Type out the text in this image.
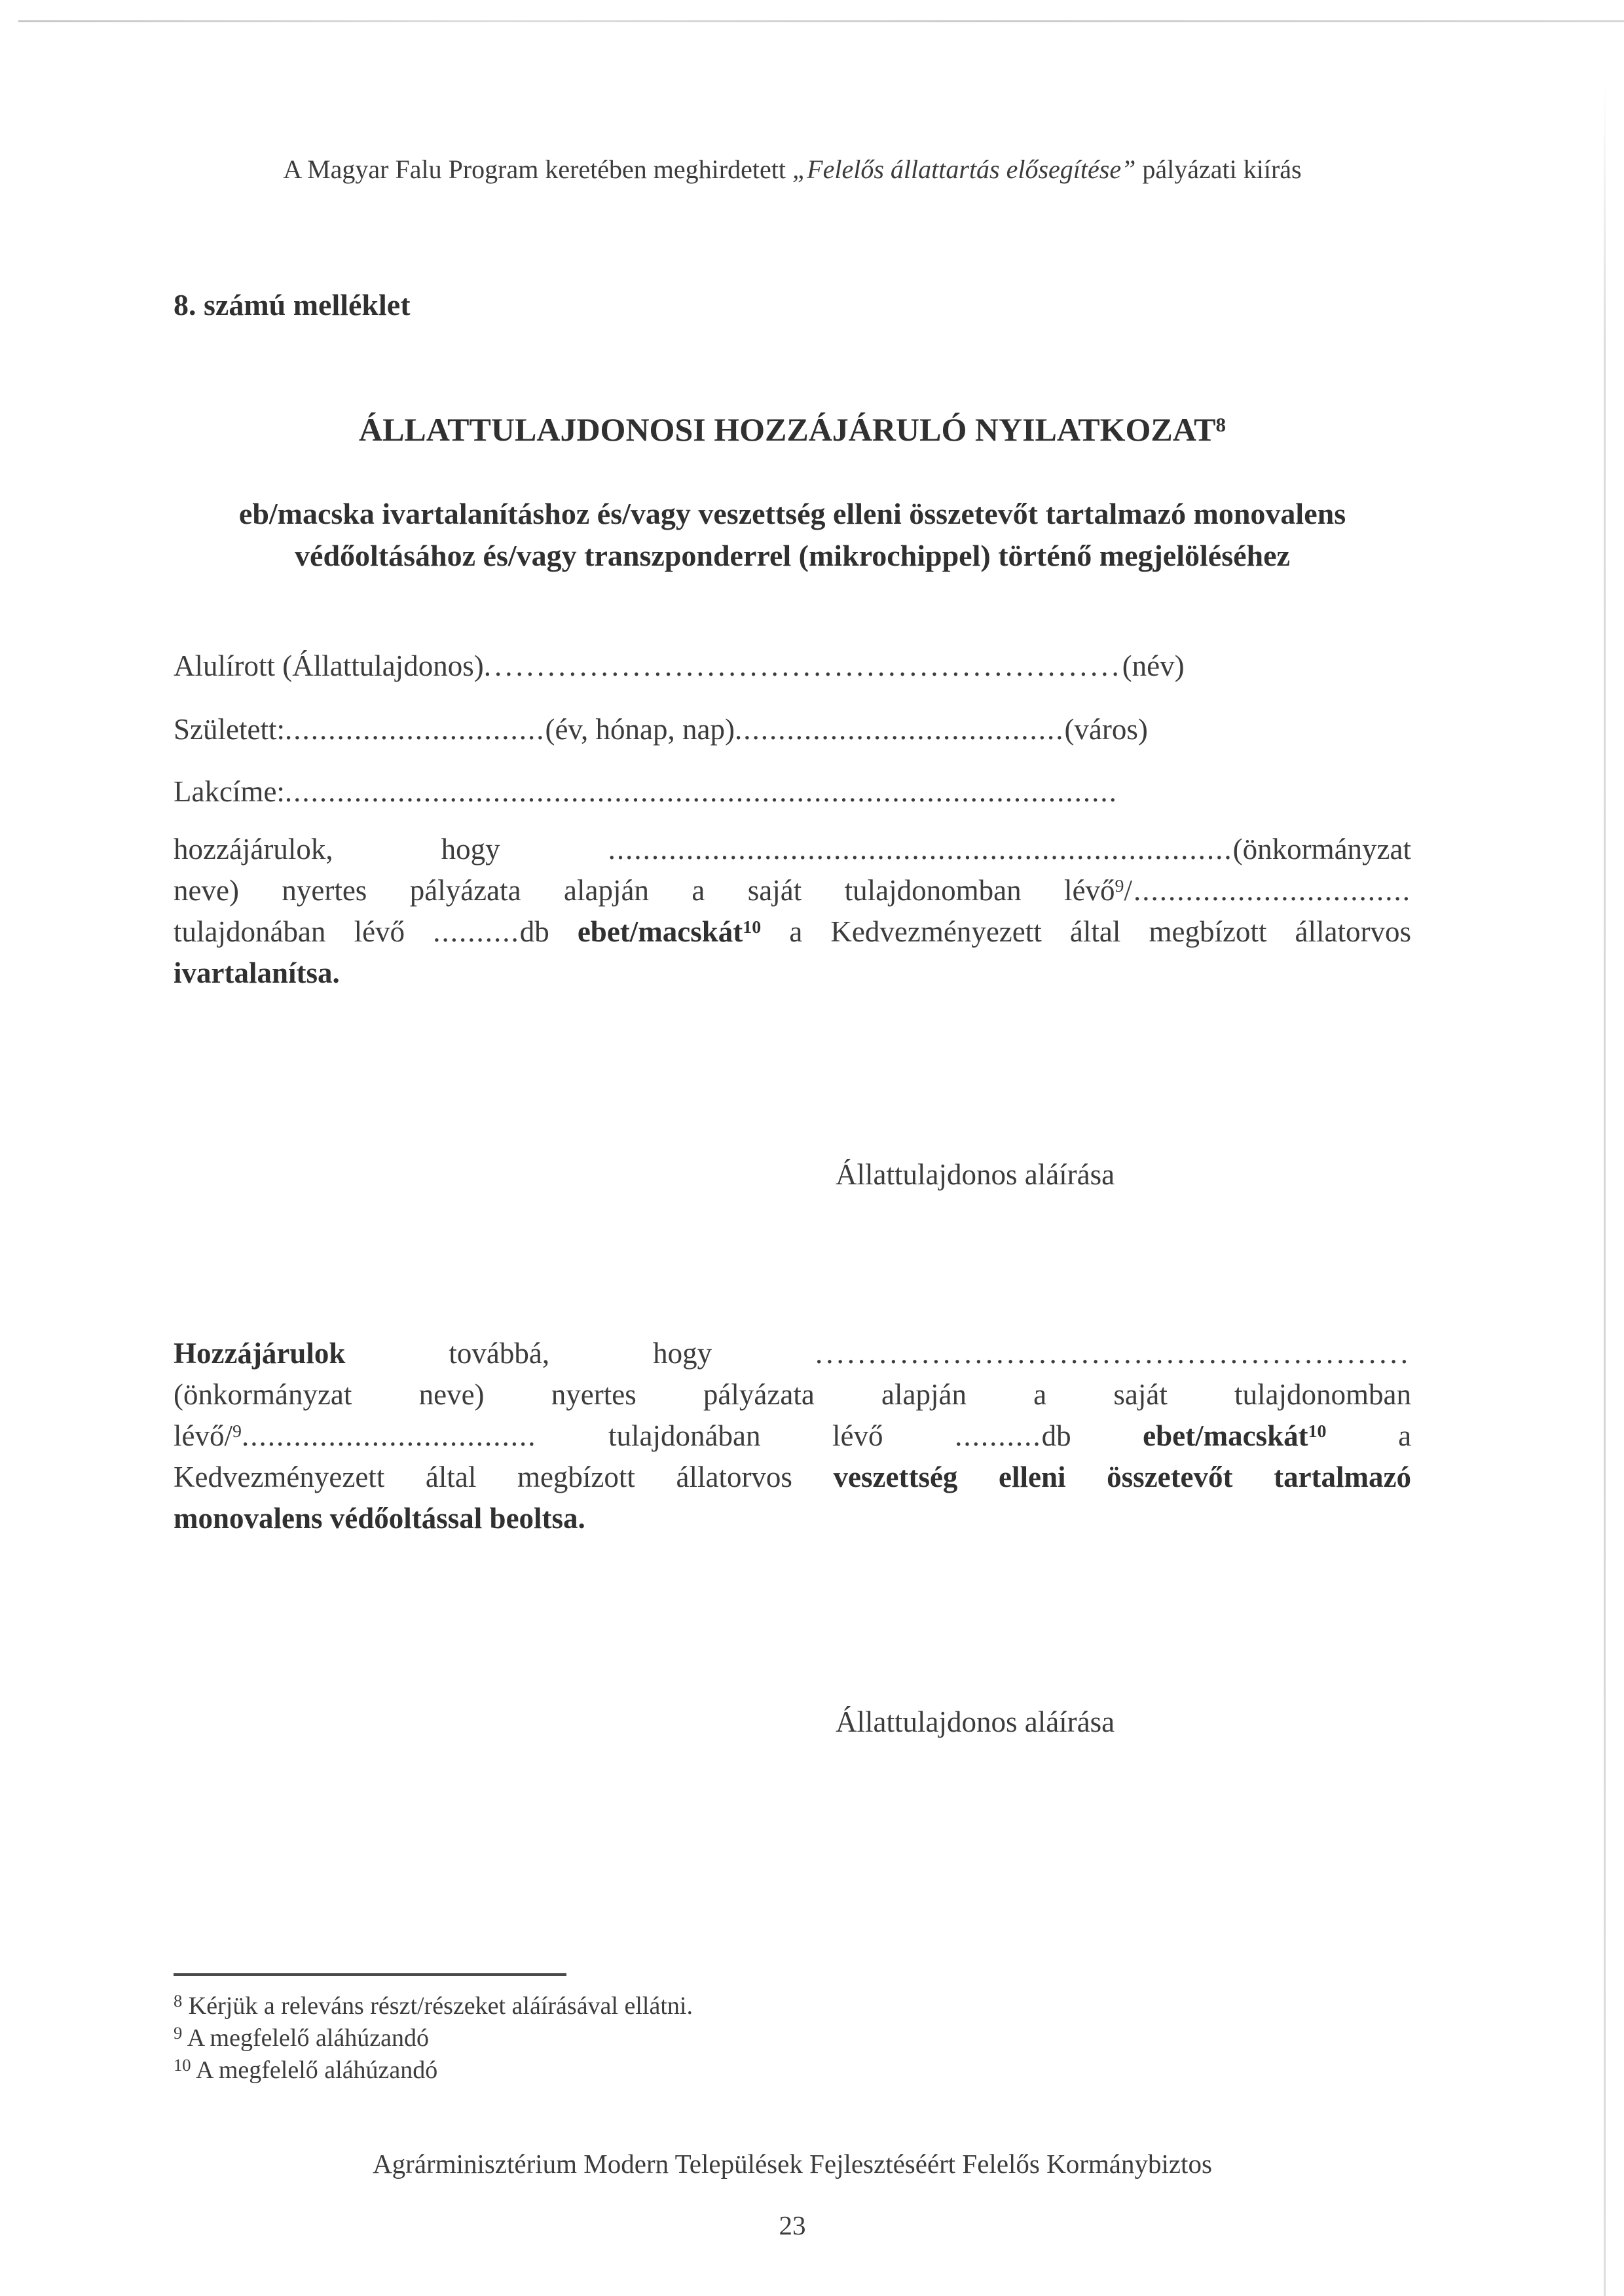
A Magyar Falu Program keretében meghirdetett „Felelős állattartás elősegítése” pályázati kiírás
8. számú melléklet
ÁLLATTULAJDONOSI HOZZÁJÁRULÓ NYILATKOZAT$^8$
eb/macska ivartalanításhoz és/vagy veszettség elleni összetevőt tartalmazó monovalens
védőoltásához és/vagy transzponderrel (mikrochippel) történő megjelöléséhez
Alulírott (Állattulajdonos)............................................................(név)
Született:..............................(év, hónap, nap)......................................(város)
Lakcíme:................................................................................................
hozzájárulok, hogy	........................................................................(önkormányzat
neve) nyertes pályázata alapján a saját tulajdonomban lévő$^9$/................................
tulajdonában lévő ..........db ebet/macskát$^{10}$ a Kedvezményezett által megbízott állatorvos
ivartalanítsa.
Állattulajdonos aláírása
Hozzájárulok	továbbá, hogy	........................................................
(önkormányzat neve) nyertes pályázata alapján a saját tulajdonomban
lévő/$^9$.................................. tulajdonában lévő ..........db ebet/macskát$^{10}$ a
Kedvezményezett által megbízott állatorvos veszettség elleni összetevőt tartalmazó
monovalens védőoltással beoltsa.
Állattulajdonos aláírása
$^8$ Kérjük a releváns részt/részeket aláírásával ellátni.
$^9$ A megfelelő aláhúzandó
$^{10}$ A megfelelő aláhúzandó
Agrárminisztérium Modern Települések Fejlesztéséért Felelős Kormánybiztos
23
